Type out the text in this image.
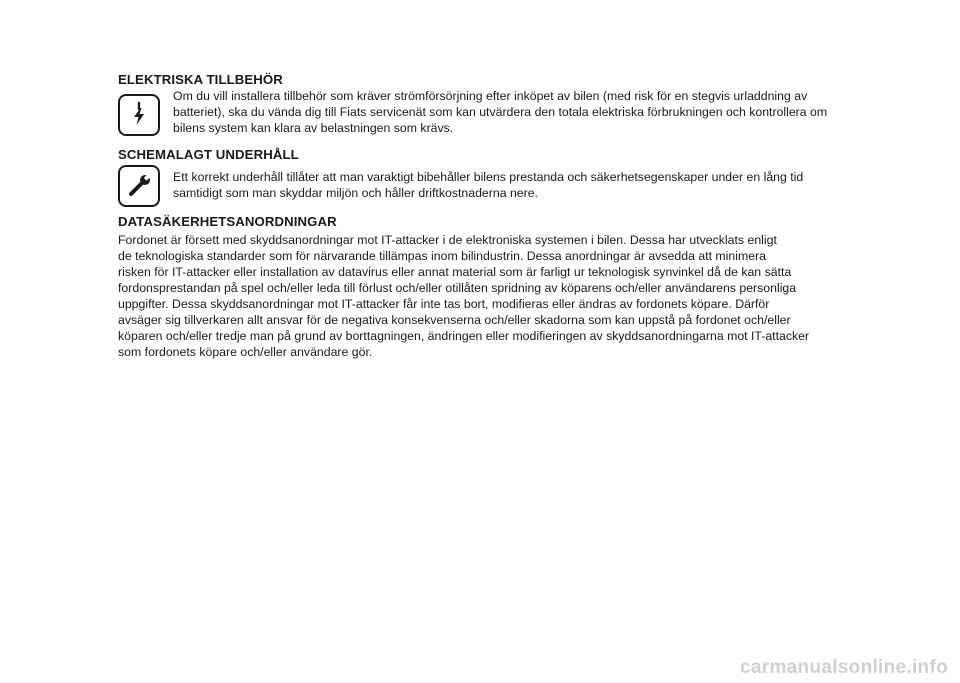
ELEKTRISKA TILLBEHÖR

Om du vill installera tillbehör som kräver strömförsörjning efter inköpet av bilen (med risk för en stegvis urladdning av
batteriet), ska du vända dig till Fiats servicenät som kan utvärdera den totala elektriska förbrukningen och kontrollera om
bilens system kan klara av belastningen som krävs.

SCHEMALAGT UNDERHÅLL

Ett korrekt underhåll tillåter att man varaktigt bibehåller bilens prestanda och säkerhetsegenskaper under en lång tid
samtidigt som man skyddar miljön och håller driftkostnaderna nere.

DATASÄKERHETSANORDNINGAR

Fordonet är försett med skyddsanordningar mot IT-attacker i de elektroniska systemen i bilen. Dessa har utvecklats enligt
de teknologiska standarder som för närvarande tillämpas inom bilindustrin. Dessa anordningar är avsedda att minimera
risken för IT-attacker eller installation av datavirus eller annat material som är farligt ur teknologisk synvinkel då de kan sätta
fordonsprestandan på spel och/eller leda till förlust och/eller otillåten spridning av köparens och/eller användarens personliga
uppgifter. Dessa skyddsanordningar mot IT-attacker får inte tas bort, modifieras eller ändras av fordonets köpare. Därför
avsäger sig tillverkaren allt ansvar för de negativa konsekvenserna och/eller skadorna som kan uppstå på fordonet och/eller
köparen och/eller tredje man på grund av borttagningen, ändringen eller modifieringen av skyddsanordningarna mot IT-attacker
som fordonets köpare och/eller användare gör.

carmanualsonline.info
